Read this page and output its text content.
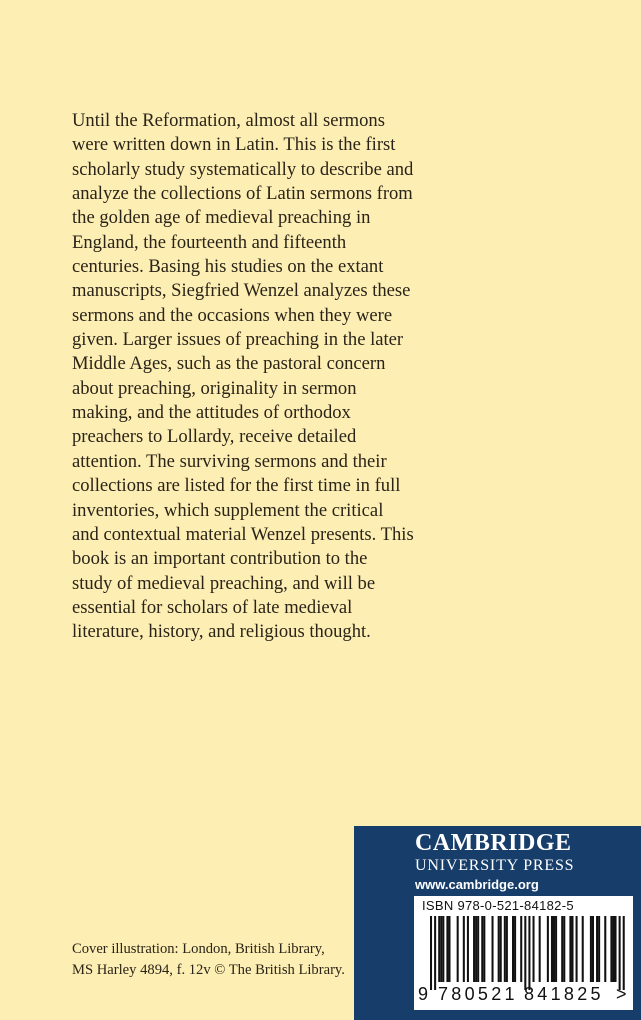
Until the Reformation, almost all sermons
were written down in Latin. This is the first
scholarly study systematically to describe and
analyze the collections of Latin sermons from
the golden age of medieval preaching in
England, the fourteenth and fifteenth
centuries. Basing his studies on the extant
manuscripts, Siegfried Wenzel analyzes these
sermons and the occasions when they were
given. Larger issues of preaching in the later
Middle Ages, such as the pastoral concern
about preaching, originality in sermon
making, and the attitudes of orthodox
preachers to Lollardy, receive detailed
attention. The surviving sermons and their
collections are listed for the first time in full
inventories, which supplement the critical
and contextual material Wenzel presents. This
book is an important contribution to the
study of medieval preaching, and will be
essential for scholars of late medieval
literature, history, and religious thought.
Cover illustration: London, British Library,
MS Harley 4894, f. 12v © The British Library.
CAMBRIDGE
UNIVERSITY PRESS
www.cambridge.org
ISBN 978-0-521-84182-5
9 780521 841825 >
